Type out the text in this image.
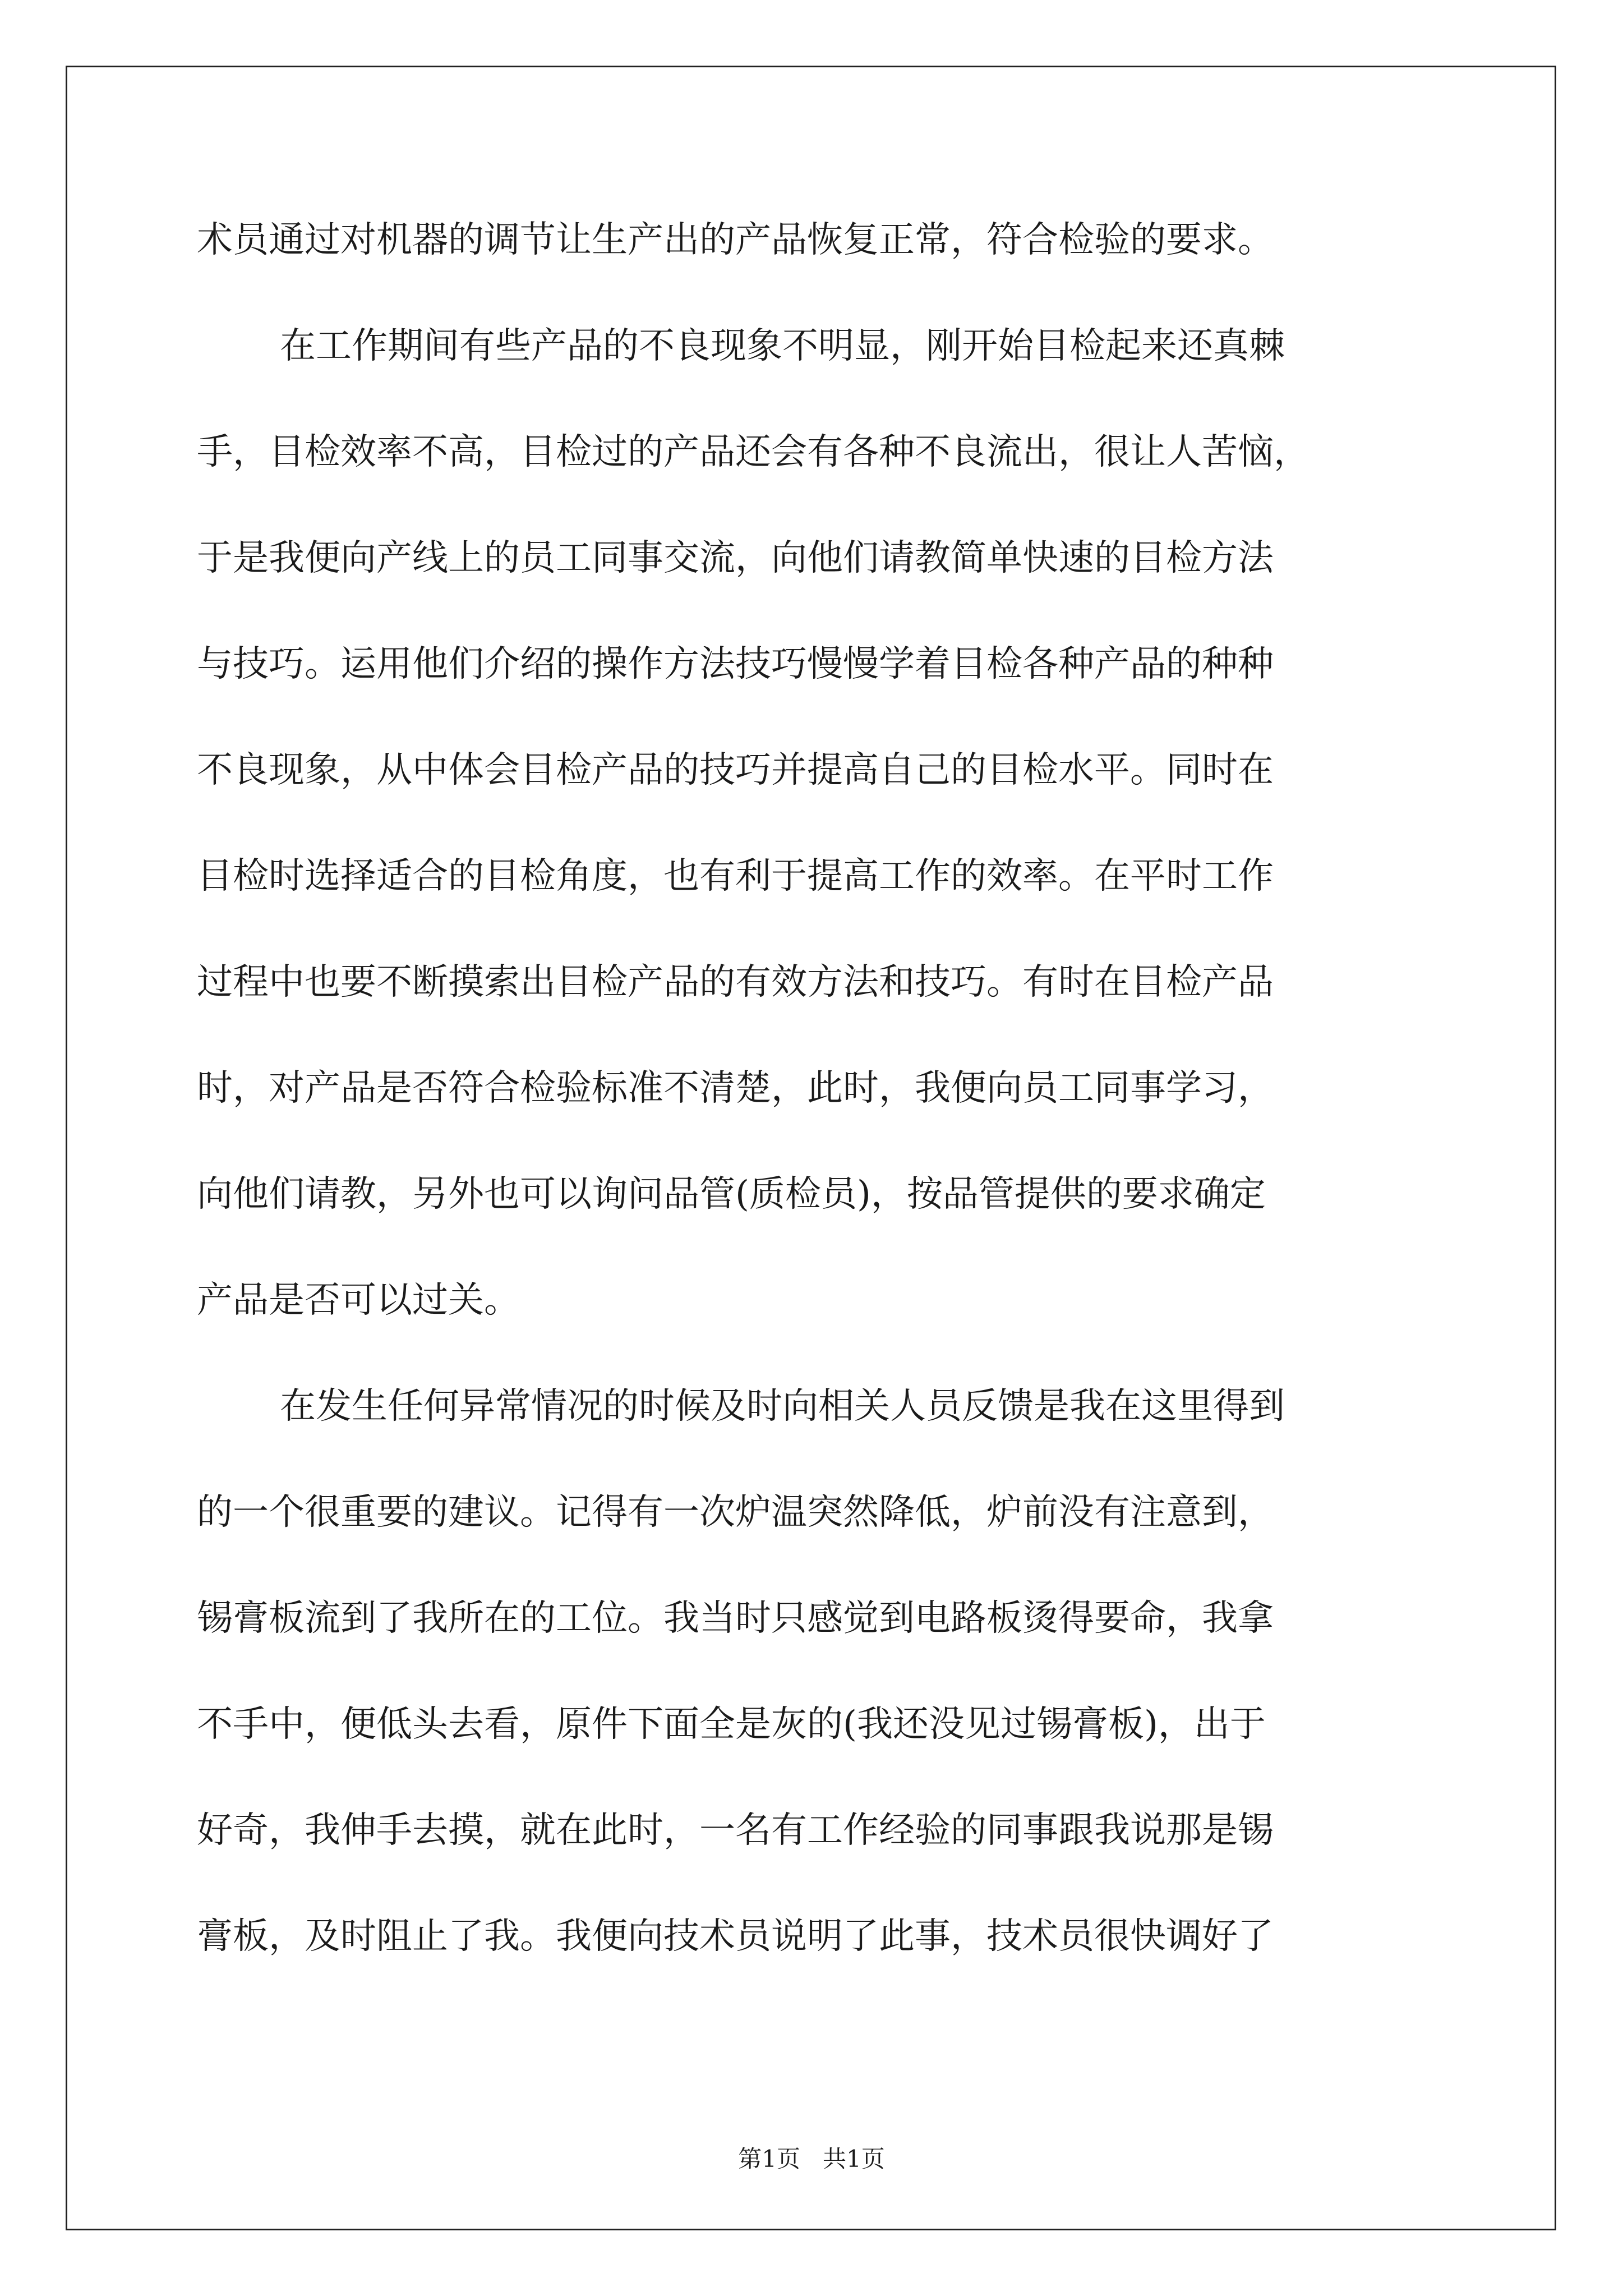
术员通过对机器的调节让生产出的产品恢复正常，符合检验的要求。
在工作期间有些产品的不良现象不明显，刚开始目检起来还真棘
手，目检效率不高，目检过的产品还会有各种不良流出，很让人苦恼，
于是我便向产线上的员工同事交流，向他们请教简单快速的目检方法
与技巧。运用他们介绍的操作方法技巧慢慢学着目检各种产品的种种
不良现象，从中体会目检产品的技巧并提高自己的目检水平。同时在
目检时选择适合的目检角度，也有利于提高工作的效率。在平时工作
过程中也要不断摸索出目检产品的有效方法和技巧。有时在目检产品
时，对产品是否符合检验标准不清楚，此时，我便向员工同事学习，
向他们请教，另外也可以询问品管(质检员)，按品管提供的要求确定
产品是否可以过关。
在发生任何异常情况的时候及时向相关人员反馈是我在这里得到
的一个很重要的建议。记得有一次炉温突然降低，炉前没有注意到，
锡膏板流到了我所在的工位。我当时只感觉到电路板烫得要命，我拿
不手中，便低头去看，原件下面全是灰的(我还没见过锡膏板)，出于
好奇，我伸手去摸，就在此时，一名有工作经验的同事跟我说那是锡
膏板，及时阻止了我。我便向技术员说明了此事，技术员很快调好了
第1页   共1页
